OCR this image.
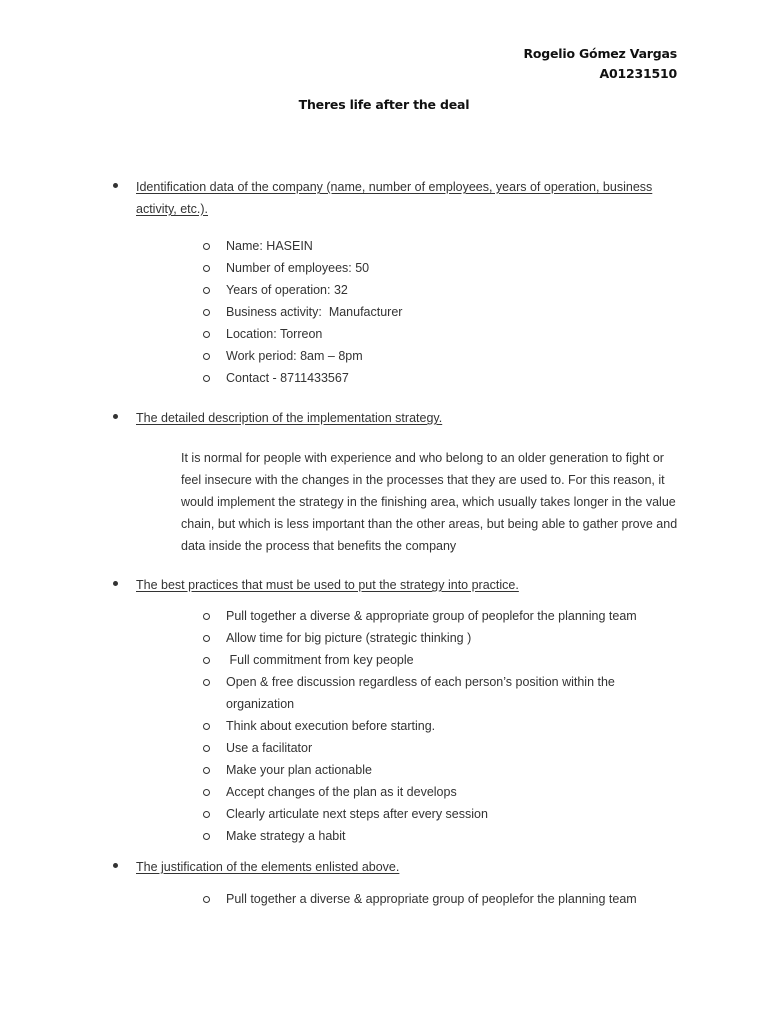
Rogelio Gómez Vargas
A01231510
Theres life after the deal
Identification data of the company (name, number of employees, years of operation, business activity, etc.).
Name: HASEIN
Number of employees: 50
Years of operation: 32
Business activity:  Manufacturer
Location: Torreon
Work period: 8am – 8pm
Contact - 8711433567
The detailed description of the implementation strategy.

It is normal for people with experience and who belong to an older generation to fight or feel insecure with the changes in the processes that they are used to. For this reason, it would implement the strategy in the finishing area, which usually takes longer in the value chain, but which is less important than the other areas, but being able to gather prove and data inside the process that benefits the company

The best practices that must be used to put the strategy into practice.
Pull together a diverse & appropriate group of peoplefor the planning team
Allow time for big picture (strategic thinking )
Full commitment from key people
Open & free discussion regardless of each person’s position within the organization
Think about execution before starting.
Use a facilitator
Make your plan actionable
Accept changes of the plan as it develops
Clearly articulate next steps after every session
Make strategy a habit
The justification of the elements enlisted above.
Pull together a diverse & appropriate group of peoplefor the planning team
